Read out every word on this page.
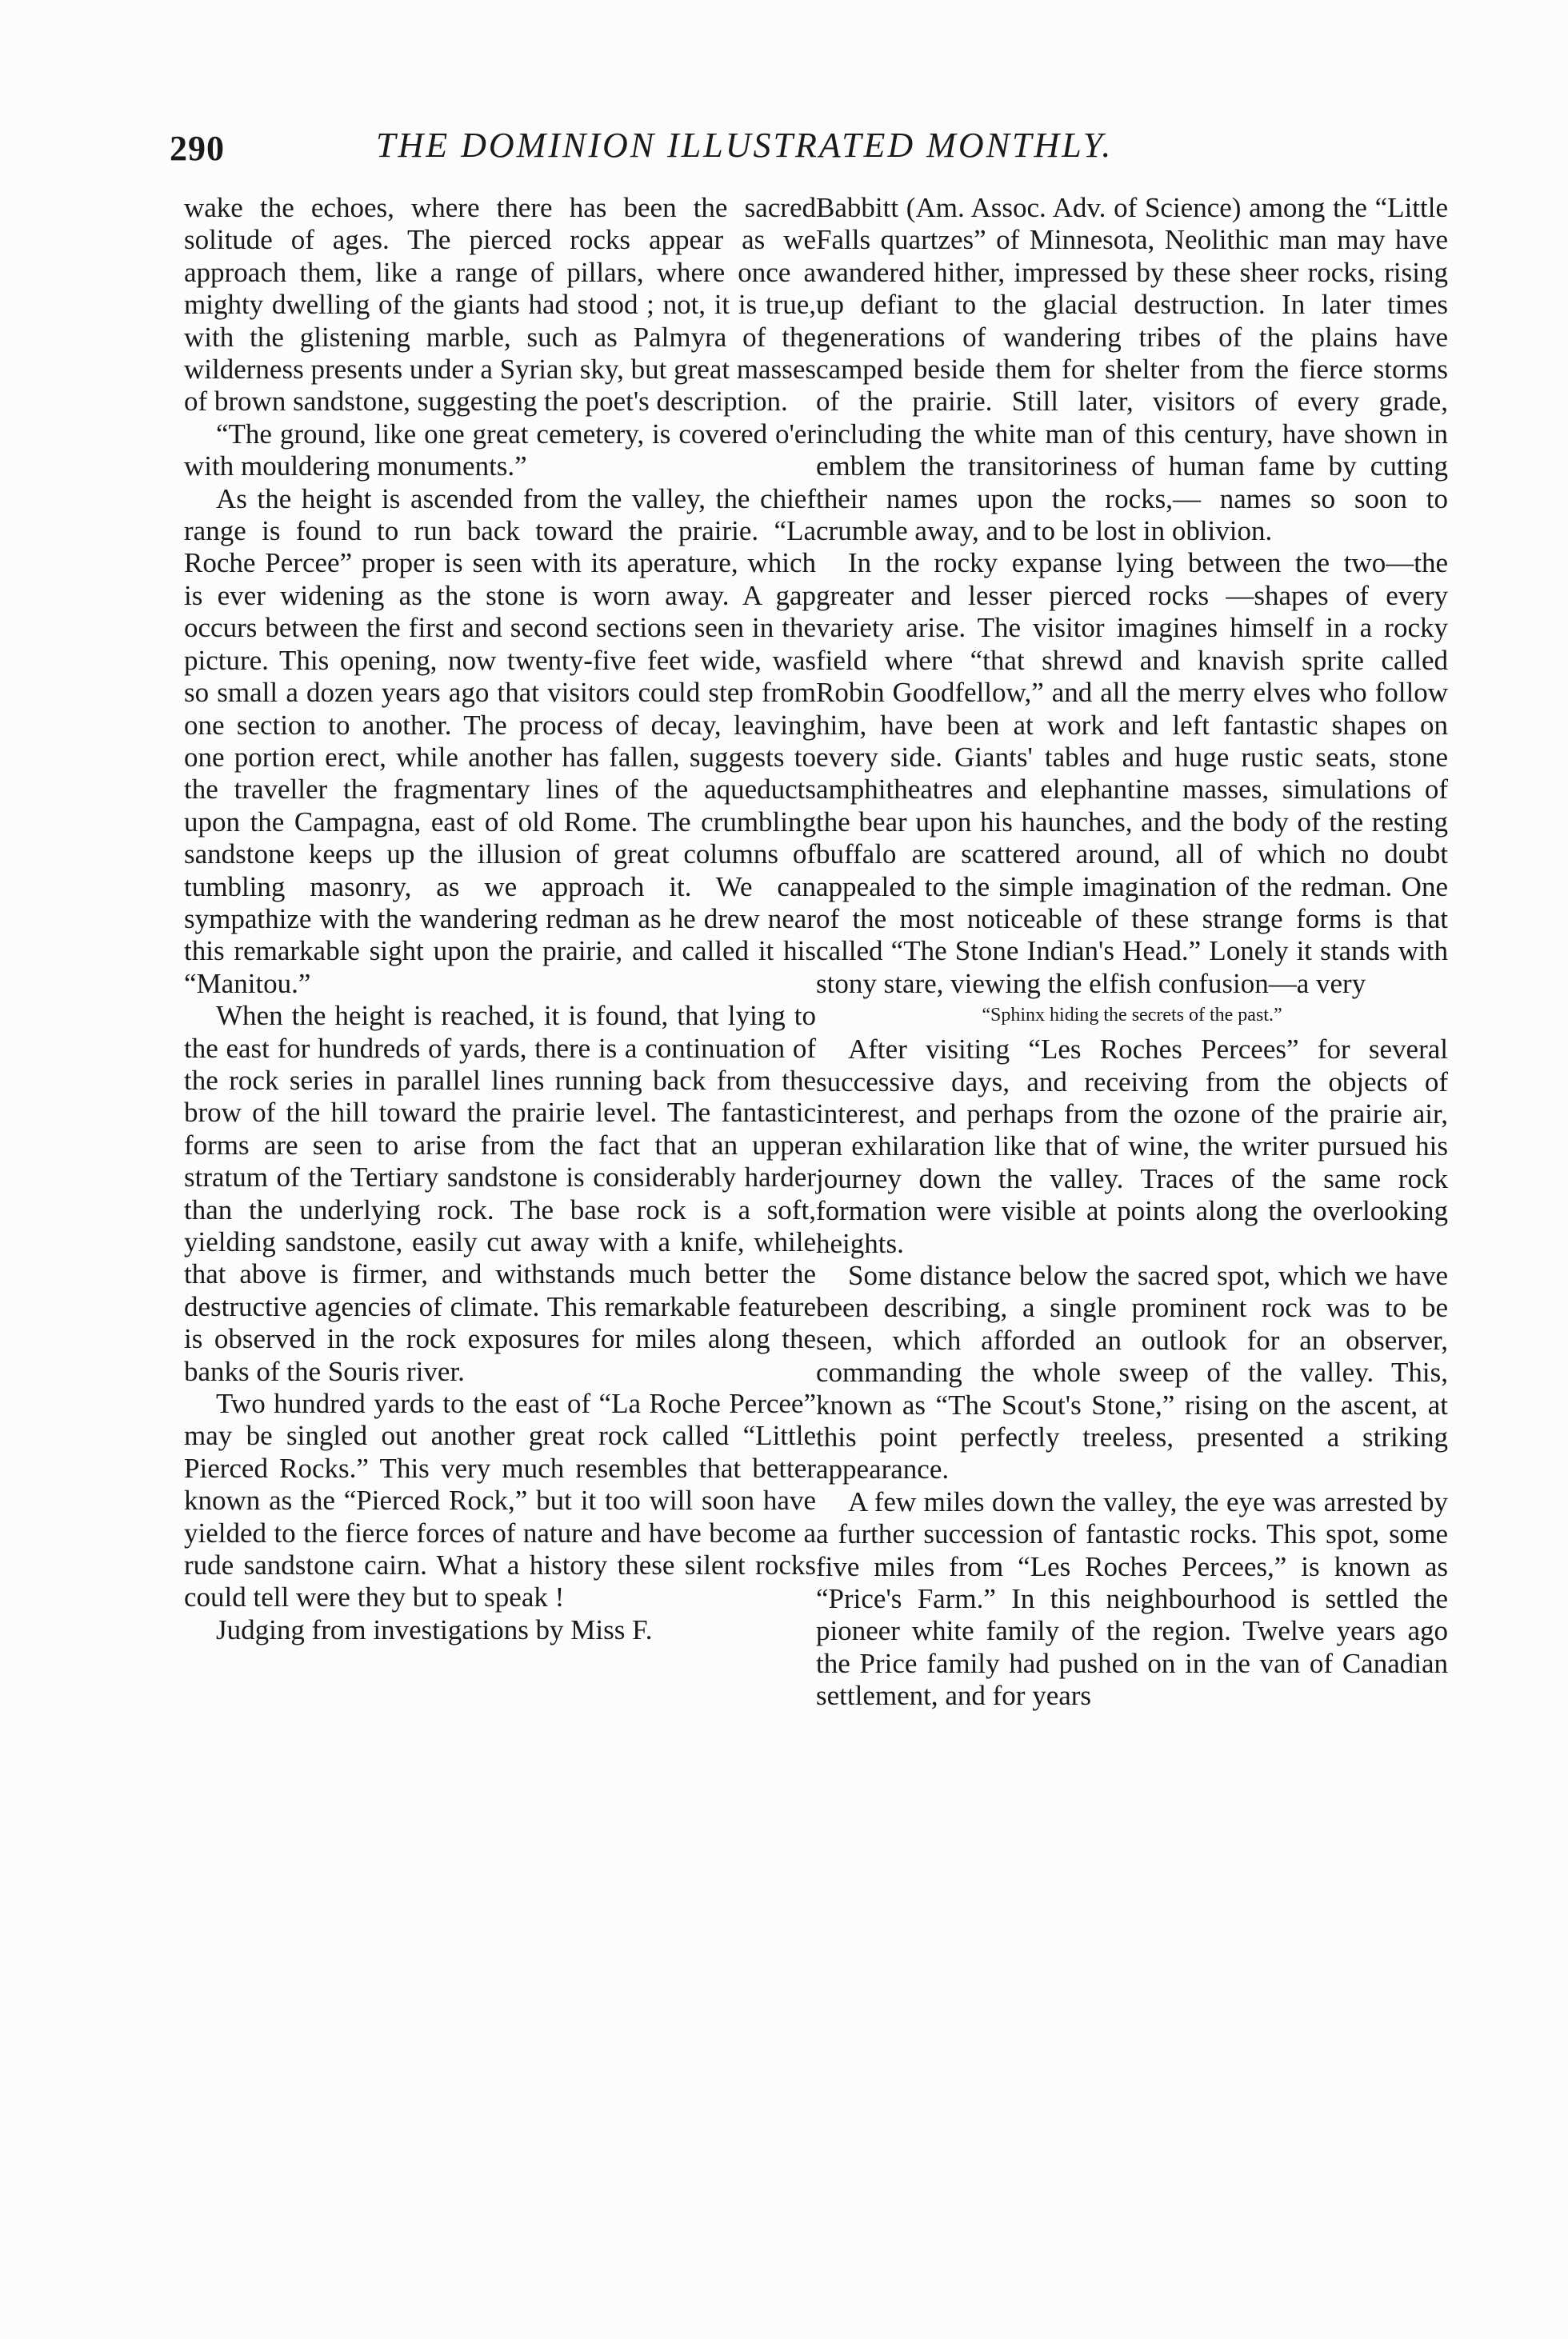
290	THE DOMINION ILLUSTRATED MONTHLY.

wake the echoes, where there has been the sacred solitude of ages. The pierced rocks appear as we approach them, like a range of pillars, where once a mighty dwelling of the giants had stood ; not, it is true, with the glistening marble, such as Palmyra of the wilderness presents under a Syrian sky, but great masses of brown sandstone, suggesting the poet's description.

“The ground, like one great cemetery, is covered o'er with mouldering monuments.”

As the height is ascended from the valley, the chief range is found to run back toward the prairie. “La Roche Percee” proper is seen with its aperature, which is ever widening as the stone is worn away. A gap occurs between the first and second sections seen in the picture. This opening, now twenty-five feet wide, was so small a dozen years ago that visitors could step from one section to another. The process of decay, leaving one portion erect, while another has fallen, suggests to the traveller the fragmentary lines of the aqueducts upon the Campagna, east of old Rome. The crumbling sandstone keeps up the illusion of great columns of tumbling masonry, as we approach it. We can sympathize with the wandering redman as he drew near this remarkable sight upon the prairie, and called it his “Manitou.”

When the height is reached, it is found, that lying to the east for hundreds of yards, there is a continuation of the rock series in parallel lines running back from the brow of the hill toward the prairie level. The fantastic forms are seen to arise from the fact that an upper stratum of the Tertiary sandstone is considerably harder than the underlying rock. The base rock is a soft, yielding sandstone, easily cut away with a knife, while that above is firmer, and withstands much better the destructive agencies of climate. This remarkable feature is observed in the rock exposures for miles along the banks of the Souris river.

Two hundred yards to the east of “La Roche Percee” may be singled out another great rock called “Little Pierced Rocks.” This very much resembles that better known as the “Pierced Rock,” but it too will soon have yielded to the fierce forces of nature and have become a rude sandstone cairn. What a history these silent rocks could tell were they but to speak !

Judging from investigations by Miss F.

Babbitt (Am. Assoc. Adv. of Science) among the “Little Falls quartzes” of Minnesota, Neolithic man may have wandered hither, impressed by these sheer rocks, rising up defiant to the glacial destruction. In later times generations of wandering tribes of the plains have camped beside them for shelter from the fierce storms of the prairie. Still later, visitors of every grade, including the white man of this century, have shown in emblem the transitoriness of human fame by cutting their names upon the rocks,— names so soon to crumble away, and to be lost in oblivion.

In the rocky expanse lying between the two—the greater and lesser pierced rocks —shapes of every variety arise. The visitor imagines himself in a rocky field where “that shrewd and knavish sprite called Robin Goodfellow,” and all the merry elves who follow him, have been at work and left fantastic shapes on every side. Giants' tables and huge rustic seats, stone amphitheatres and elephantine masses, simulations of the bear upon his haunches, and the body of the resting buffalo are scattered around, all of which no doubt appealed to the simple imagination of the redman. One of the most noticeable of these strange forms is that called “The Stone Indian's Head.” Lonely it stands with stony stare, viewing the elfish confusion—a very

“Sphinx hiding the secrets of the past.”

After visiting “Les Roches Percees” for several successive days, and receiving from the objects of interest, and perhaps from the ozone of the prairie air, an exhilaration like that of wine, the writer pursued his journey down the valley. Traces of the same rock formation were visible at points along the overlooking heights.

Some distance below the sacred spot, which we have been describing, a single prominent rock was to be seen, which afforded an outlook for an observer, commanding the whole sweep of the valley. This, known as “The Scout's Stone,” rising on the ascent, at this point perfectly treeless, presented a striking appearance.

A few miles down the valley, the eye was arrested by a further succession of fantastic rocks. This spot, some five miles from “Les Roches Percees,” is known as “Price's Farm.” In this neighbourhood is settled the pioneer white family of the region. Twelve years ago the Price family had pushed on in the van of Canadian settlement, and for years
